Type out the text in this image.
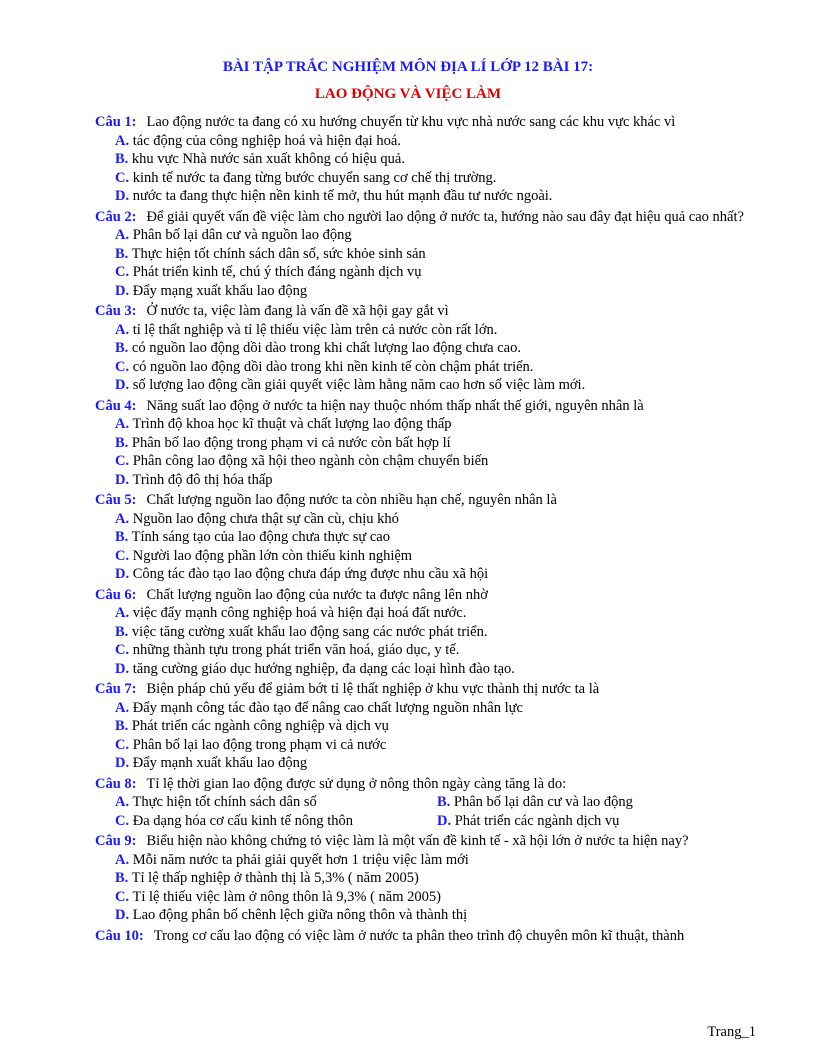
BÀI TẬP TRẮC NGHIỆM MÔN ĐỊA LÍ LỚP 12 BÀI 17:
LAO ĐỘNG VÀ VIỆC LÀM
Câu 1: Lao động nước ta đang có xu hướng chuyển từ khu vực nhà nước sang các khu vực khác vì
A. tác động của công nghiệp hoá và hiện đại hoá.
B. khu vực Nhà nước sản xuất không có hiệu quả.
C. kinh tế nước ta đang từng bước chuyển sang cơ chế thị trường.
D. nước ta đang thực hiện nền kinh tế mở, thu hút mạnh đầu tư nước ngoài.
Câu 2: Để giải quyết vấn đề việc làm cho người lao dộng ở nước ta, hướng nào sau đây đạt hiệu quả cao nhất?
A. Phân bố lại dân cư và nguồn lao động
B. Thực hiện tốt chính sách dân số, sức khỏe sinh sản
C. Phát triển kinh tế, chú ý thích đáng ngành dịch vụ
D. Đẩy mạng xuất khẩu lao động
Câu 3: Ở nước ta, việc làm đang là vấn đề xã hội gay gắt vì
A. tỉ lệ thất nghiệp và tỉ lệ thiếu việc làm trên cả nước còn rất lớn.
B. có nguồn lao động dồi dào trong khi chất lượng lao động chưa cao.
C. có nguồn lao động dồi dào trong khi nền kinh tế còn chậm phát triển.
D. số lượng lao động cần giải quyết việc làm hằng năm cao hơn số việc làm mới.
Câu 4: Năng suất lao động ở nước ta hiện nay thuộc nhóm thấp nhất thế giới, nguyên nhân là
A. Trình độ khoa học kĩ thuật và chất lượng lao động thấp
B. Phân bố lao động trong phạm vi cả nước còn bất hợp lí
C. Phân công lao động xã hội theo ngành còn chậm chuyển biến
D. Trình độ đô thị hóa thấp
Câu 5: Chất lượng nguồn lao động nước ta còn nhiều hạn chế, nguyên nhân là
A. Nguồn lao động chưa thật sự cần cù, chịu khó
B. Tính sáng tạo của lao động chưa thực sự cao
C. Người lao động phần lớn còn thiếu kinh nghiệm
D. Công tác đào tạo lao động chưa đáp ứng được nhu cầu xã hội
Câu 6: Chất lượng nguồn lao động của nước ta được nâng lên nhờ
A. việc đẩy mạnh công nghiệp hoá và hiện đại hoá đất nước.
B. việc tăng cường xuất khẩu lao động sang các nước phát triển.
C. những thành tựu trong phát triển văn hoá, giáo dục, y tế.
D. tăng cường giáo dục hướng nghiệp, đa dạng các loại hình đào tạo.
Câu 7: Biện pháp chủ yếu để giảm bớt tỉ lệ thất nghiệp ở khu vực thành thị nước ta là
A. Đẩy mạnh công tác đào tạo để nâng cao chất lượng nguồn nhân lực
B. Phát triển các ngành công nghiệp và dịch vụ
C. Phân bố lại lao động trong phạm vi cả nước
D. Đẩy mạnh xuất khẩu lao động
Câu 8: Tỉ lệ thời gian lao động được sử dụng ở nông thôn ngày càng tăng là do:
A. Thực hiện tốt chính sách dân số	B. Phân bố lại dân cư và lao động
C. Đa dạng hóa cơ cấu kinh tế nông thôn	D. Phát triển các ngành dịch vụ
Câu 9: Biểu hiện nào không chứng tỏ việc làm là một vấn đề kinh tế - xã hội lớn ở nước ta hiện nay?
A. Mỗi năm nước ta phải giải quyết hơn 1 triệu việc làm mới
B. Tỉ lệ thấp nghiệp ở thành thị là 5,3% ( năm 2005)
C. Tỉ lệ thiếu việc làm ở nông thôn là 9,3% ( năm 2005)
D. Lao động phân bố chênh lệch giữa nông thôn và thành thị
Câu 10: Trong cơ cấu lao động có việc làm ở nước ta phân theo trình độ chuyên môn kĩ thuật, thành
Trang_1
